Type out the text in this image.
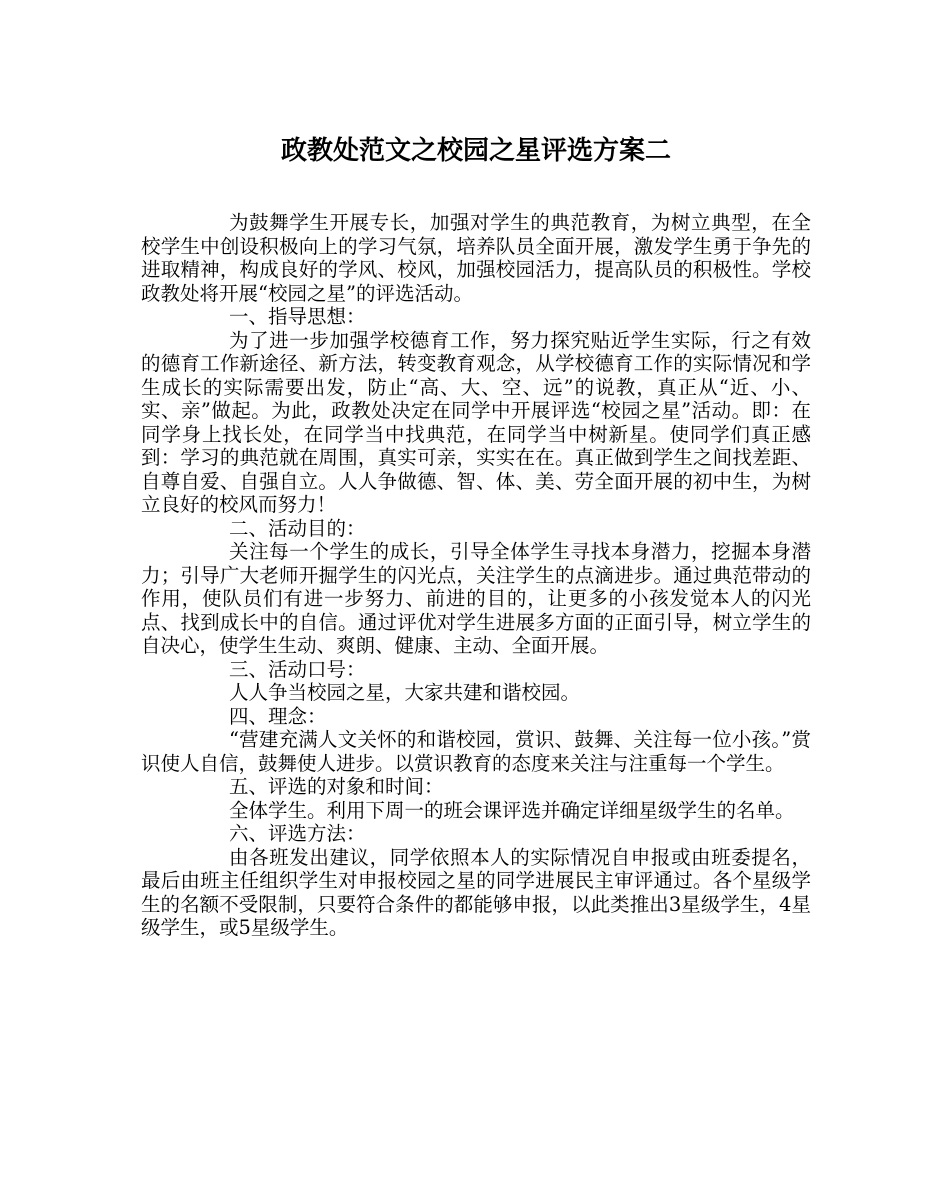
政教处范文之校园之星评选方案二

为鼓舞学生开展专长，加强对学生的典范教育，为树立典型，在全校学生中创设积极向上的学习气氛，培养队员全面开展，激发学生勇于争先的进取精神，构成良好的学风、校风，加强校园活力，提高队员的积极性。学校政教处将开展“校园之星”的评选活动。

一、指导思想：

为了进一步加强学校德育工作，努力探究贴近学生实际，行之有效的德育工作新途径、新方法，转变教育观念，从学校德育工作的实际情况和学生成长的实际需要出发，防止“高、大、空、远”的说教，真正从“近、小、实、亲”做起。为此，政教处决定在同学中开展评选“校园之星”活动。即：在同学身上找长处，在同学当中找典范，在同学当中树新星。使同学们真正感到：学习的典范就在周围，真实可亲，实实在在。真正做到学生之间找差距、自尊自爱、自强自立。人人争做德、智、体、美、劳全面开展的初中生，为树立良好的校风而努力！

二、活动目的：

关注每一个学生的成长，引导全体学生寻找本身潜力，挖掘本身潜力；引导广大老师开掘学生的闪光点，关注学生的点滴进步。通过典范带动的作用，使队员们有进一步努力、前进的目的，让更多的小孩发觉本人的闪光点、找到成长中的自信。通过评优对学生进展多方面的正面引导，树立学生的自决心，使学生生动、爽朗、健康、主动、全面开展。

三、活动口号：

人人争当校园之星，大家共建和谐校园。

四、理念：

“营建充满人文关怀的和谐校园，赏识、鼓舞、关注每一位小孩。”赏识使人自信，鼓舞使人进步。以赏识教育的态度来关注与注重每一个学生。

五、评选的对象和时间：

全体学生。利用下周一的班会课评选并确定详细星级学生的名单。

六、评选方法：

由各班发出建议，同学依照本人的实际情况自申报或由班委提名，最后由班主任组织学生对申报校园之星的同学进展民主审评通过。各个星级学生的名额不受限制，只要符合条件的都能够申报，以此类推出3星级学生，4星级学生，或5星级学生。
